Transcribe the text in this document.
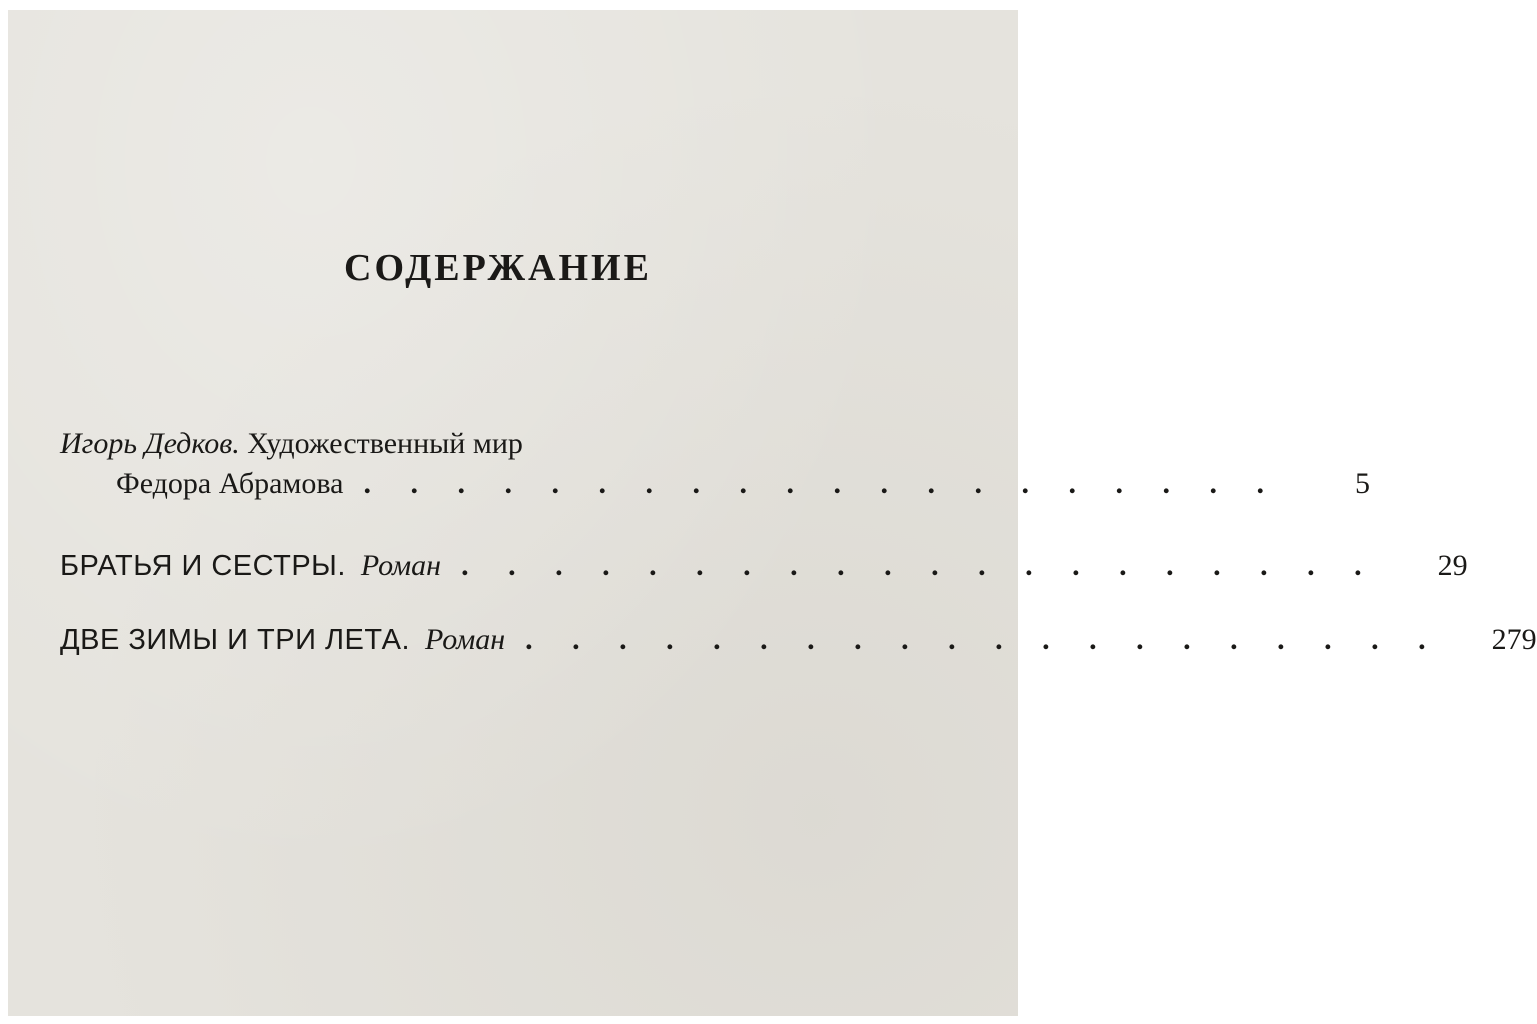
СОДЕРЖАНИЕ
Игорь Дедков.
Художественный мир
Федора Абрамова . . . . . . . . . . . . . . . . . . . .	5
БРАТЬЯ И СЕСТРЫ.
Роман . . . . . . . . . . . . . . . . . . . .	29
ДВЕ ЗИМЫ И ТРИ ЛЕТА.
Роман . . . . . . . . . . . . . . . . . . . . 279
